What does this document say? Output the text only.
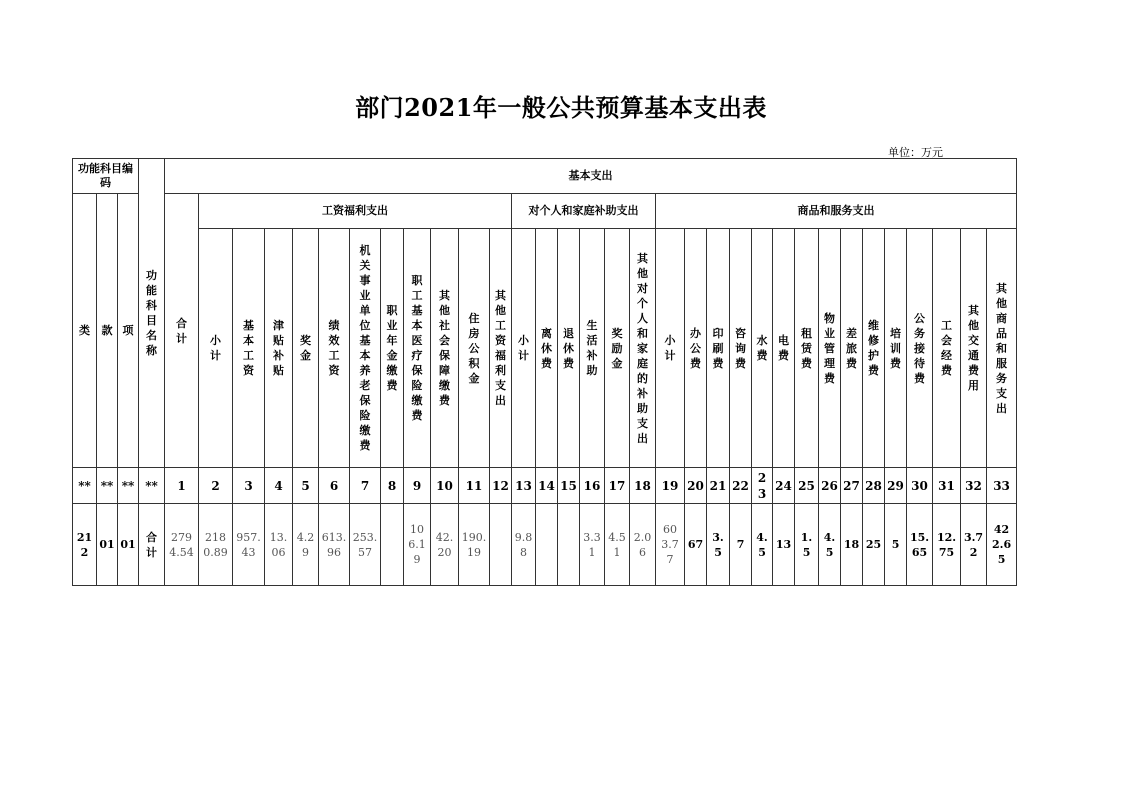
部门2021年一般公共预算基本支出表
单位：万元
功能科目编码			功能科目名称	基本支出																																
类	款	项		合计	工资福利支出											对个人和家庭补助支出						商品和服务支出														
					小计	基本工资	津贴补贴	奖金	绩效工资	机关事业单位基本养老保险缴费	职业年金缴费	职工基本医疗保险缴费	其他社会保障缴费	住房公积金	其他工资福利支出	小计	离休费	退休费	生活补助	奖励金	其他对个人和家庭的补助支出	小计	办公费	印刷费	咨询费	水费	电费	租赁费	物业管理费	差旅费	维修护费	培训费	公务接待费	工会经费	其他交通费用	其他商品和服务支出
**	**	**	**	1	2	3	4	5	6	7	8	9	10	11	12	13	14	15	16	17	18	19	20	21	22	23	24	25	26	27	28	29	30	31	32	33
212	01	01	合计	2794.54	2180.89	957.43	13.06	4.29	613.96	253.57		106.19	42.20	190.19		9.88			3.31	4.51	2.06	603.77	67	3.5	7	4.5	13	1.5	4.5	18	25	5	15.65	12.75	3.72	422.65
